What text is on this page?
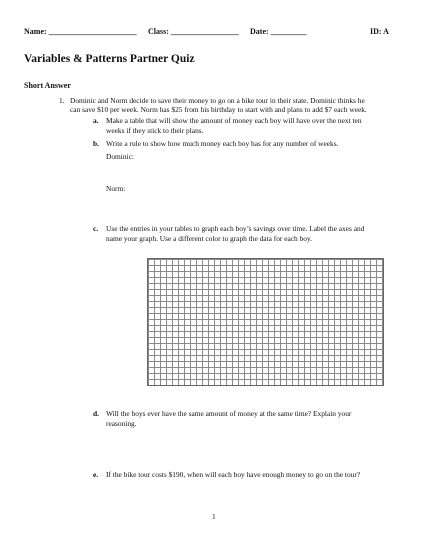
Name: ______________________ Class: _________________ Date: _________	ID: A
Variables & Patterns Partner Quiz
Short Answer
1. Dominic and Norm decide to save their money to go on a bike tour in their state. Dominic thinks he
can save $10 per week. Norm has $25 from his birthday to start with and plans to add $7 each week.
a. Make a table that will show the amount of money each boy will have over the next ten
weeks if they stick to their plans.
b. Write a rule to show how much money each boy has for any number of weeks.
Dominic:
Norm:
c. Use the entries in your tables to graph each boy’s savings over time. Label the axes and
name your graph. Use a different color to graph the data for each boy.
d. Will the boys ever have the same amount of money at the same time? Explain your
reasoning.
e. If the bike tour costs $190, when will each boy have enough money to go on the tour?
1
